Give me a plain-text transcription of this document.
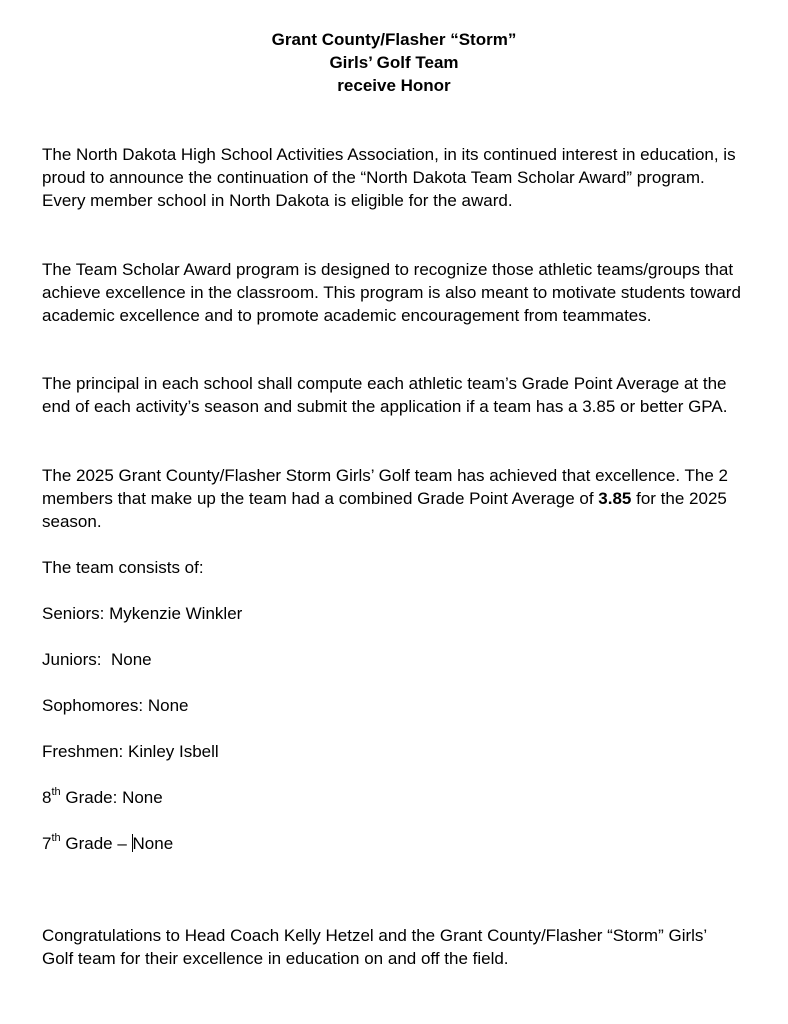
Grant County/Flasher “Storm”
Girls’ Golf Team
receive Honor

The North Dakota High School Activities Association, in its continued interest in education, is proud to announce the continuation of the “North Dakota Team Scholar Award” program. Every member school in North Dakota is eligible for the award.

The Team Scholar Award program is designed to recognize those athletic teams/groups that achieve excellence in the classroom. This program is also meant to motivate students toward academic excellence and to promote academic encouragement from teammates.

The principal in each school shall compute each athletic team’s Grade Point Average at the end of each activity’s season and submit the application if a team has a 3.85 or better GPA.

The 2025 Grant County/Flasher Storm Girls’ Golf team has achieved that excellence. The 2 members that make up the team had a combined Grade Point Average of 3.85 for the 2025 season.

The team consists of:

Seniors: Mykenzie Winkler
Juniors: None
Sophomores: None
Freshmen: Kinley Isbell
8th Grade: None
7th Grade – None

Congratulations to Head Coach Kelly Hetzel and the Grant County/Flasher “Storm” Girls’ Golf team for their excellence in education on and off the field.
